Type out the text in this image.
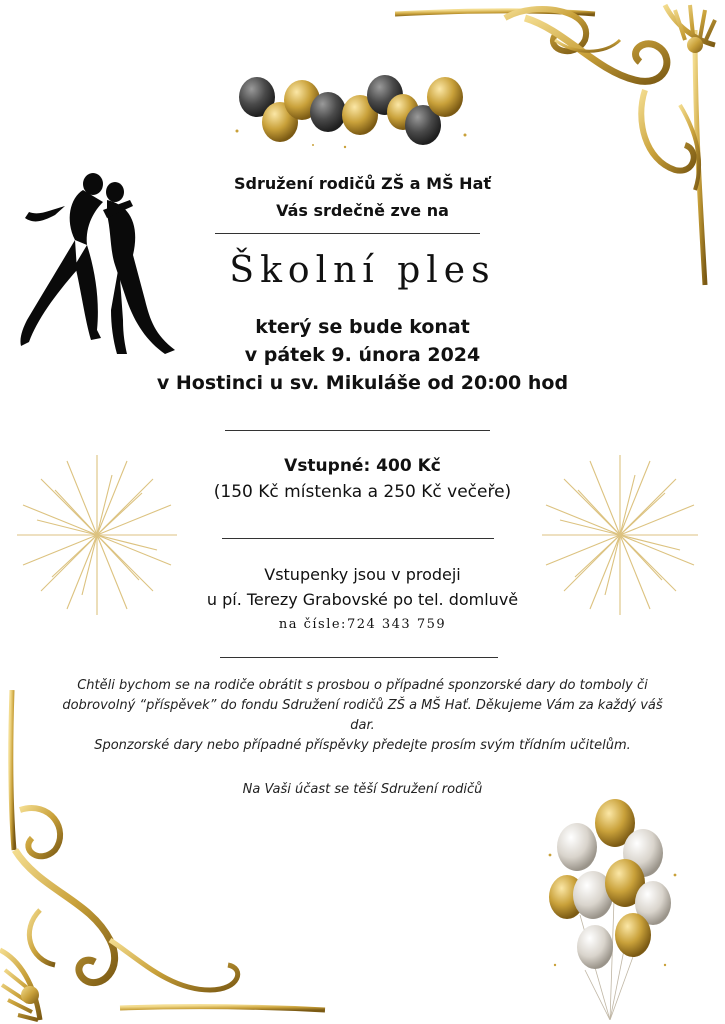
Sdružení rodičů ZŠ a MŠ Hať
Vás srdečně zve na
Školní ples
který se bude konat
v pátek 9. února 2024
v Hostinci u sv. Mikuláše od 20:00 hod
Vstupné: 400 Kč
(150 Kč místenka a 250 Kč večeře)
Vstupenky jsou v prodeji
u pí. Terezy Grabovské po tel. domluvě
na čísle:724 343 759
Chtěli bychom se na rodiče obrátit s prosbou o případné sponzorské dary do tomboly či dobrovolný “příspěvek” do fondu Sdružení rodičů ZŠ a MŠ Hať. Děkujeme Vám za každý váš dar.
Sponzorské dary nebo případné příspěvky předejte prosím svým třídním učitelům.
Na Vaši účast se těší Sdružení rodičů
